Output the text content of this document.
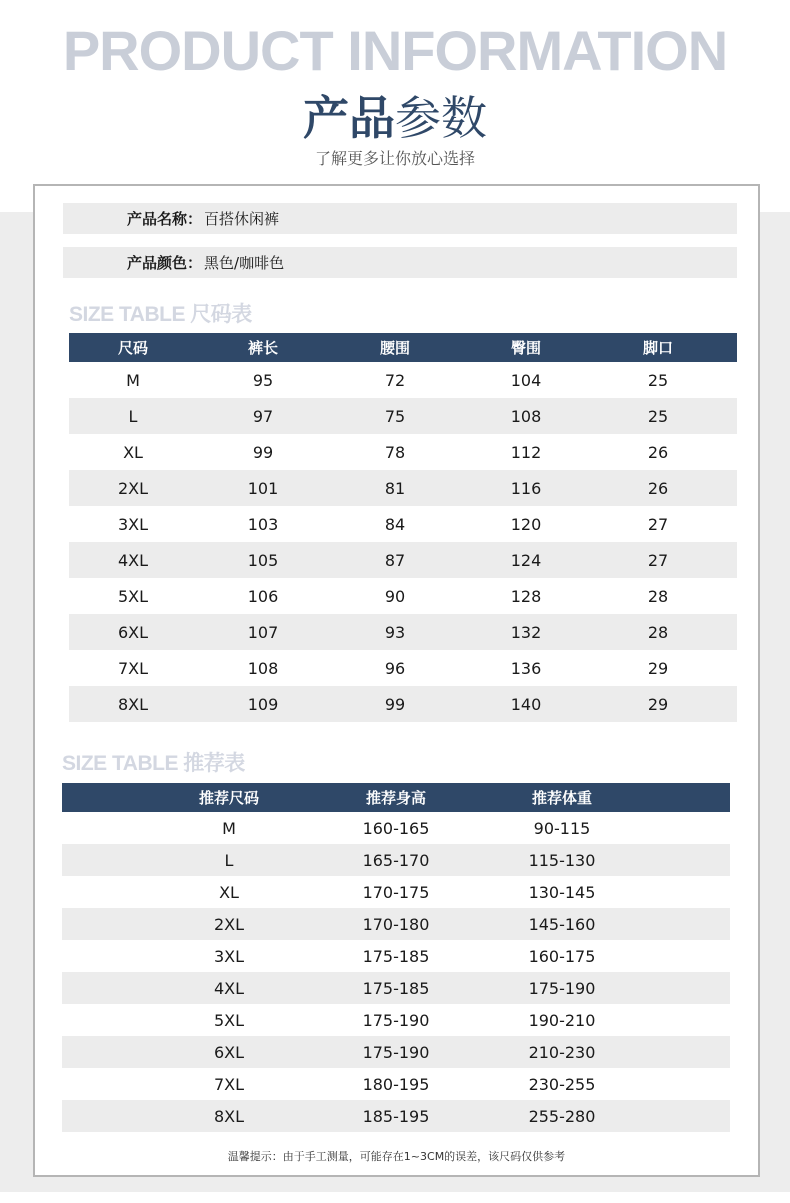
PRODUCT INFORMATION
产品参数
了解更多让你放心选择
产品名称： 百搭休闲裤
产品颜色： 黑色/咖啡色
SIZE TABLE 尺码表
尺码	裤长	腰围	臀围	脚口
M	95	72	104	25
L	97	75	108	25
XL	99	78	112	26
2XL	101	81	116	26
3XL	103	84	120	27
4XL	105	87	124	27
5XL	106	90	128	28
6XL	107	93	132	28
7XL	108	96	136	29
8XL	109	99	140	29
SIZE TABLE 推荐表
推荐尺码	推荐身高	推荐体重
M	160-165	90-115
L	165-170	115-130
XL	170-175	130-145
2XL	170-180	145-160
3XL	175-185	160-175
4XL	175-185	175-190
5XL	175-190	190-210
6XL	175-190	210-230
7XL	180-195	230-255
8XL	185-195	255-280
温馨提示：由于手工测量，可能存在1~3CM的误差，该尺码仅供参考
